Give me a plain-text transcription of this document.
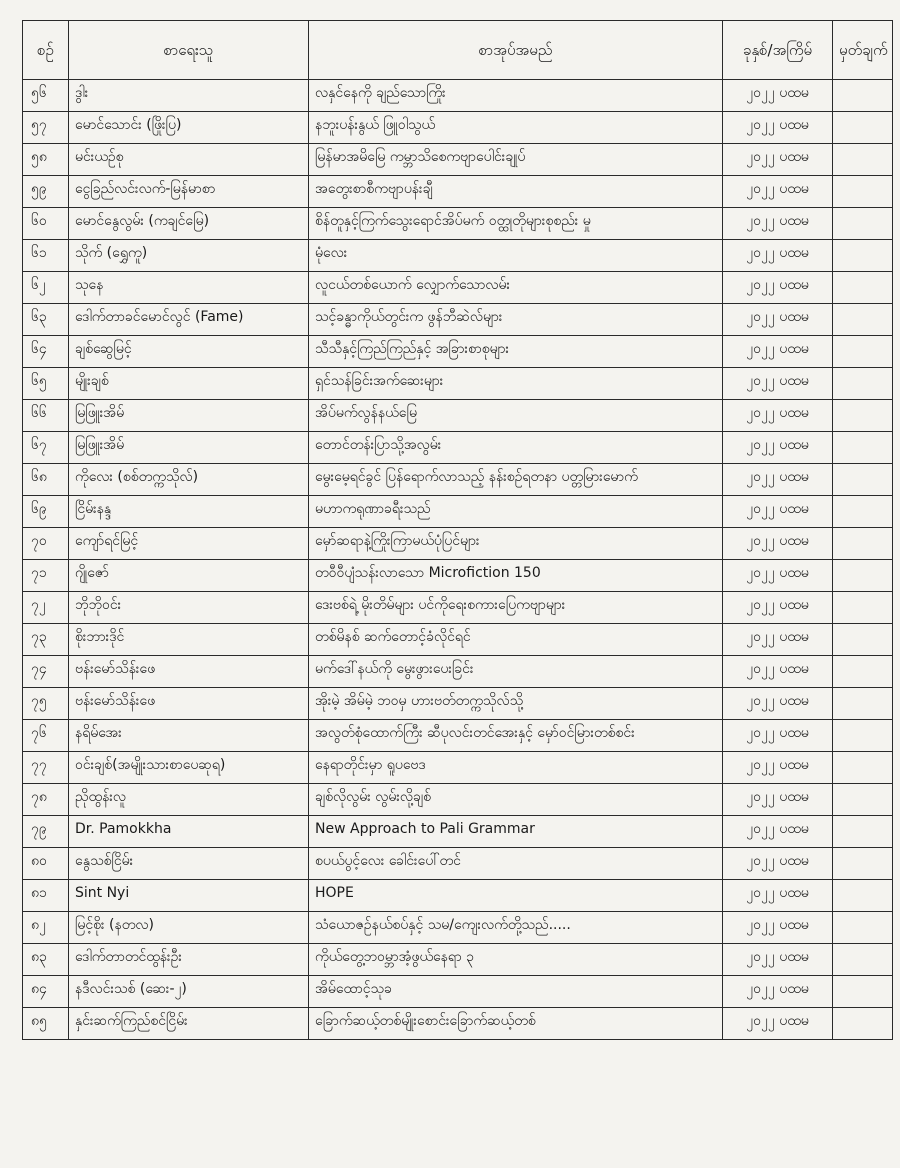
စဉ်	စာရေးသူ	စာအုပ်အမည်	ခုနှစ်/အကြိမ်	မှတ်ချက်
၅၆	ဒွါး	လနှင်နေကို ချည်သောကြိုး	၂၀၂၂ ပထမ	
၅၇	မောင်သောင်း (ဖြိုးပြ)	နဘူးပန်းနွယ် ဖြူဝါသွယ်	၂၀၂၂ ပထမ	
၅၈	မင်းယဉ်စု	မြန်မာအမိမြေ ကမ္ဘာသိစေကဗျာပေါင်းချုပ်	၂၀၂၂ ပထမ	
၅၉	ငွေခြည်လင်းလက်-မြန်မာစာ	အတွေးစာစီကဗျာပန်းချီ	၂၀၂၂ ပထမ	
၆၀	မောင်နွေလွမ်း (ကချင်မြေ)	စိန်တူနှင့်ကြက်သွေးရောင်အိပ်မက် ဝတ္ထုတိုများစုစည်း မှု	၂၀၂၂ ပထမ	
၆၁	သိုက် (ရွှေကူ)	မုံလေး	၂၀၂၂ ပထမ	
၆၂	သုနေ	လူငယ်တစ်ယောက် လျှောက်သောလမ်း	၂၀၂၂ ပထမ	
၆၃	ဒေါက်တာခင်မောင်လွင် (Fame)	သင့်ခန္ဓာကိုယ်တွင်းက ဖွန်ဘီဆဲလ်များ	၂၀၂၂ ပထမ	
၆၄	ချစ်ဆွေမြင့်	သီသီနှင့်ကြည်ကြည်နှင့် အခြားစာစုများ	၂၀၂၂ ပထမ	
၆၅	မျိုးချစ်	ရှင်သန်ခြင်းအက်ဆေးများ	၂၀၂၂ ပထမ	
၆၆	မြဖြူးအိမ်	အိပ်မက်လွန်နယ်မြေ	၂၀၂၂ ပထမ	
၆၇	မြဖြူးအိမ်	တောင်တန်းပြာသို့အလွမ်း	၂၀၂၂ ပထမ	
၆၈	ကိုလေး (စစ်တက္ကသိုလ်)	မွေးမေ့ရင်ခွင် ပြန်ရောက်လာသည့် နန်းစဉ်ရတနာ ပတ္တမြားမောက်	၂၀၂၂ ပထမ	
၆၉	ငြိမ်းနန္ဒ	မဟာကရုဏာခရီးသည်	၂၀၂၂ ပထမ	
၇၀	ကျော်ရင်မြင့်	မှော်ဆရာနဲ့ကြိုးကြာမယ်ပုံပြင်များ	၂၀၂၂ ပထမ	
၇၁	ဂျိုဇော်	တဝီဝီပျံသန်းလာသော Microfiction 150	၂၀၂၂ ပထမ	
၇၂	ဘိုဘိုဝင်း	ဒေးဗစ်ရဲ့ မိုးတိမ်များ ပင်ကိုရေးစကားပြေကဗျာများ	၂၀၂၂ ပထမ	
၇၃	စိုးဘားဒိုင်	တစ်မိနစ် ဆက်တောင့်ခံလိုင်ရင်	၂၀၂၂ ပထမ	
၇၄	ဗန်းမော်သိန်းဖေ	မက်ဒေါ်နယ်ကို မွေးဖွားပေးခြင်း	၂၀၂၂ ပထမ	
၇၅	ဗန်းမော်သိန်းဖေ	အိုးမဲ့ အိမ်မဲ့ ဘဝမှ ဟားဗတ်တက္ကသိုလ်သို့	၂၀၂၂ ပထမ	
၇၆	နရိမ်အေး	အလွတ်စုံထောက်ကြီး ဆီပုလင်းတင်အေးနှင့် မှော်ဝင်မြားတစ်စင်း	၂၀၂၂ ပထမ	
၇၇	ဝင်းချစ်(အမျိုးသားစာပေဆုရ)	နေရာတိုင်းမှာ ရူပဗေဒ	၂၀၂၂ ပထမ	
၇၈	ညိုထွန်းလူ	ချစ်လိုလွမ်း လွမ်းလို့ချစ်	၂၀၂၂ ပထမ	
၇၉	Dr. Pamokkha	New Approach to Pali Grammar	၂၀၂၂ ပထမ	
၈၀	နွေသစ်ငြိမ်း	စပယ်ပွင့်လေး ခေါင်းပေါ်တင်	၂၀၂၂ ပထမ	
၈၁	Sint Nyi	HOPE	၂၀၂၂ ပထမ	
၈၂	မြင့်စိုး (နတလ)	သံယောဇဉ်နယ်စပ်နှင့် သမ/ကျေးလက်တို့သည်.....	၂၀၂၂ ပထမ	
၈၃	ဒေါက်တာတင်ထွန်းဦး	ကိုယ်တွေ့ဘဝမ္ဘာအံ့ဖွယ်နေရာ ၃	၂၀၂၂ ပထမ	
၈၄	နဒီလင်းသစ် (ဆေး-၂)	အိမ်ထောင့်သုခ	၂၀၂၂ ပထမ	
၈၅	နှင်းဆက်ကြည်စင်ငြိမ်း	ခြောက်ဆယ့်တစ်မျိုးစောင်းခြောက်ဆယ့်တစ်	၂၀၂၂ ပထမ	
